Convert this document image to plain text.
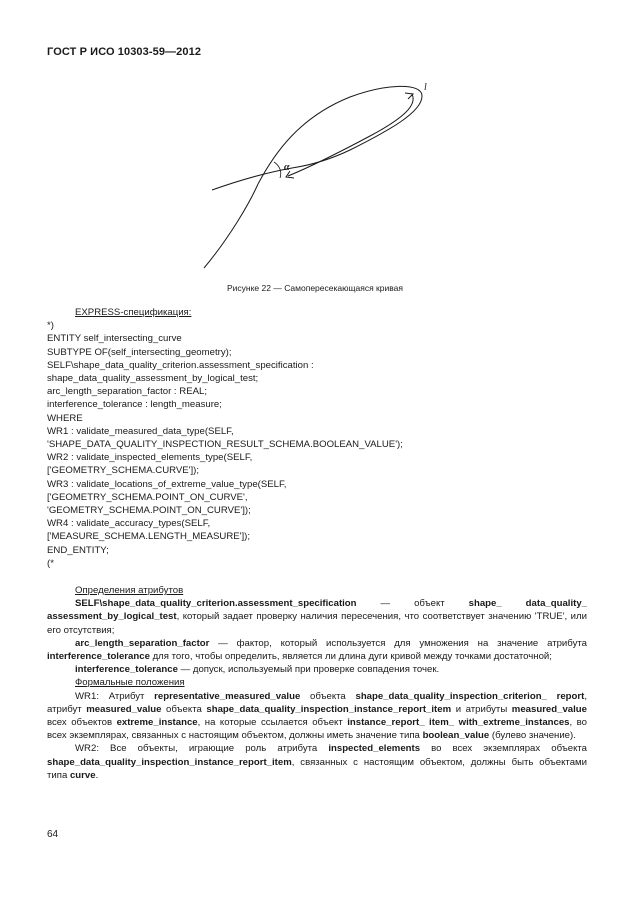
ГОСТ Р ИСО 10303-59—2012
α
l
Рисунке 22 — Самопересекающаяся кривая
EXPRESS-спецификация:
*)
ENTITY self_intersecting_curve
SUBTYPE OF(self_intersecting_geometry);
SELF\shape_data_quality_criterion.assessment_specification :
shape_data_quality_assessment_by_logical_test;
arc_length_separation_factor : REAL;
interference_tolerance : length_measure;
WHERE
WR1 : validate_measured_data_type(SELF,
'SHAPE_DATA_QUALITY_INSPECTION_RESULT_SCHEMA.BOOLEAN_VALUE');
WR2 : validate_inspected_elements_type(SELF,
['GEOMETRY_SCHEMA.CURVE']);
WR3 : validate_locations_of_extreme_value_type(SELF,
['GEOMETRY_SCHEMA.POINT_ON_CURVE',
'GEOMETRY_SCHEMA.POINT_ON_CURVE']);
WR4 : validate_accuracy_types(SELF,
['MEASURE_SCHEMA.LENGTH_MEASURE']);
END_ENTITY;
(*

Определения атрибутов

SELF\shape_data_quality_criterion.assessment_specification — объект shape_ data_quality_ assessment_by_logical_test, который задает проверку наличия пересечения, что соответствует значению 'TRUE', или его отсутствия;

arc_length_separation_factor — фактор, который используется для умножения на значение атрибута interference_tolerance для того, чтобы определить, является ли длина дуги кривой между точками достаточной;

interference_tolerance — допуск, используемый при проверке совпадения точек.

Формальные положения

WR1: Атрибут representative_measured_value объекта shape_data_quality_inspection_criterion_ report, атрибут measured_value объекта shape_data_quality_inspection_instance_report_item и атрибуты measured_value всех объектов extreme_instance, на которые ссылается объект instance_report_ item_ with_extreme_instances, во всех экземплярах, связанных с настоящим объектом, должны иметь значение типа boolean_value (булево значение).

WR2: Все объекты, играющие роль атрибута inspected_elements во всех экземплярах объекта shape_data_quality_inspection_instance_report_item, связанных с настоящим объектом, должны быть объектами типа curve.

64
